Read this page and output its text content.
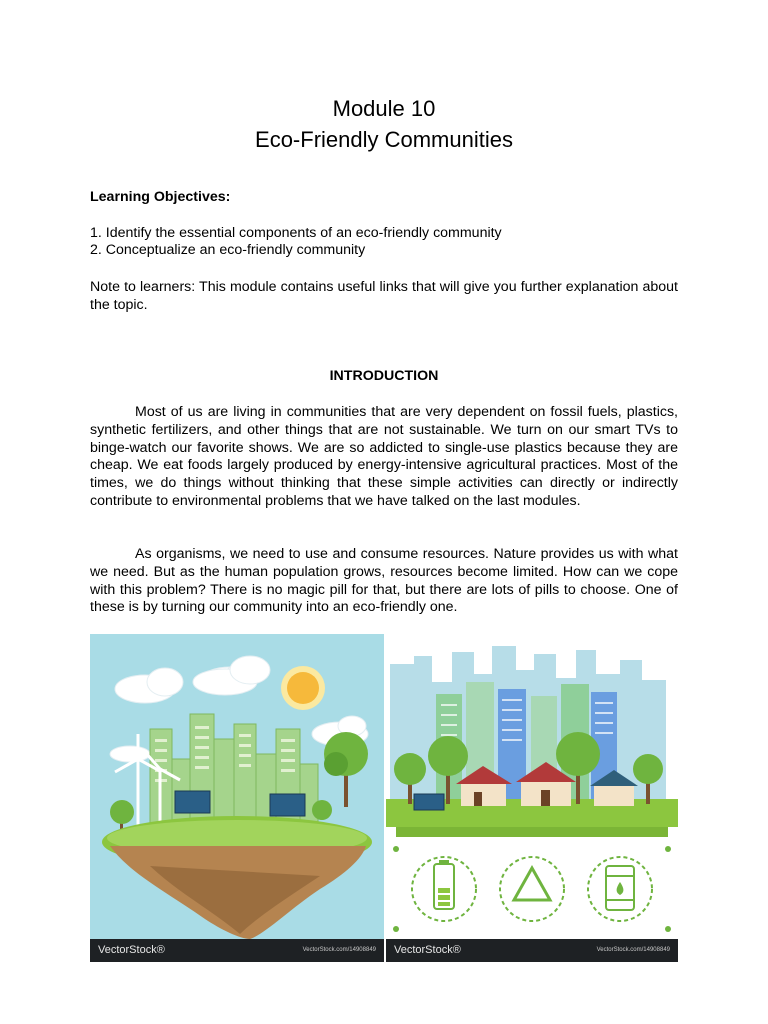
Module 10
Eco-Friendly Communities
Learning Objectives:
1. Identify the essential components of an eco-friendly community
2. Conceptualize an eco-friendly community
Note to learners: This module contains useful links that will give you further explanation about the topic.
INTRODUCTION
Most of us are living in communities that are very dependent on fossil fuels, plastics, synthetic fertilizers, and other things that are not sustainable. We turn on our smart TVs to binge-watch our favorite shows. We are so addicted to single-use plastics because they are cheap. We eat foods largely produced by energy-intensive agricultural practices. Most of the times, we do things without thinking that these simple activities can directly or indirectly contribute to environmental problems that we have talked on the last modules.
As organisms, we need to use and consume resources. Nature provides us with what we need. But as the human population grows, resources become limited. How can we cope with this problem? There is no magic pill for that, but there are lots of pills to choose. One of these is by turning our community into an eco-friendly one.
VectorStock®	VectorStock.com/14908849 VectorStock®	VectorStock.com/14908849
